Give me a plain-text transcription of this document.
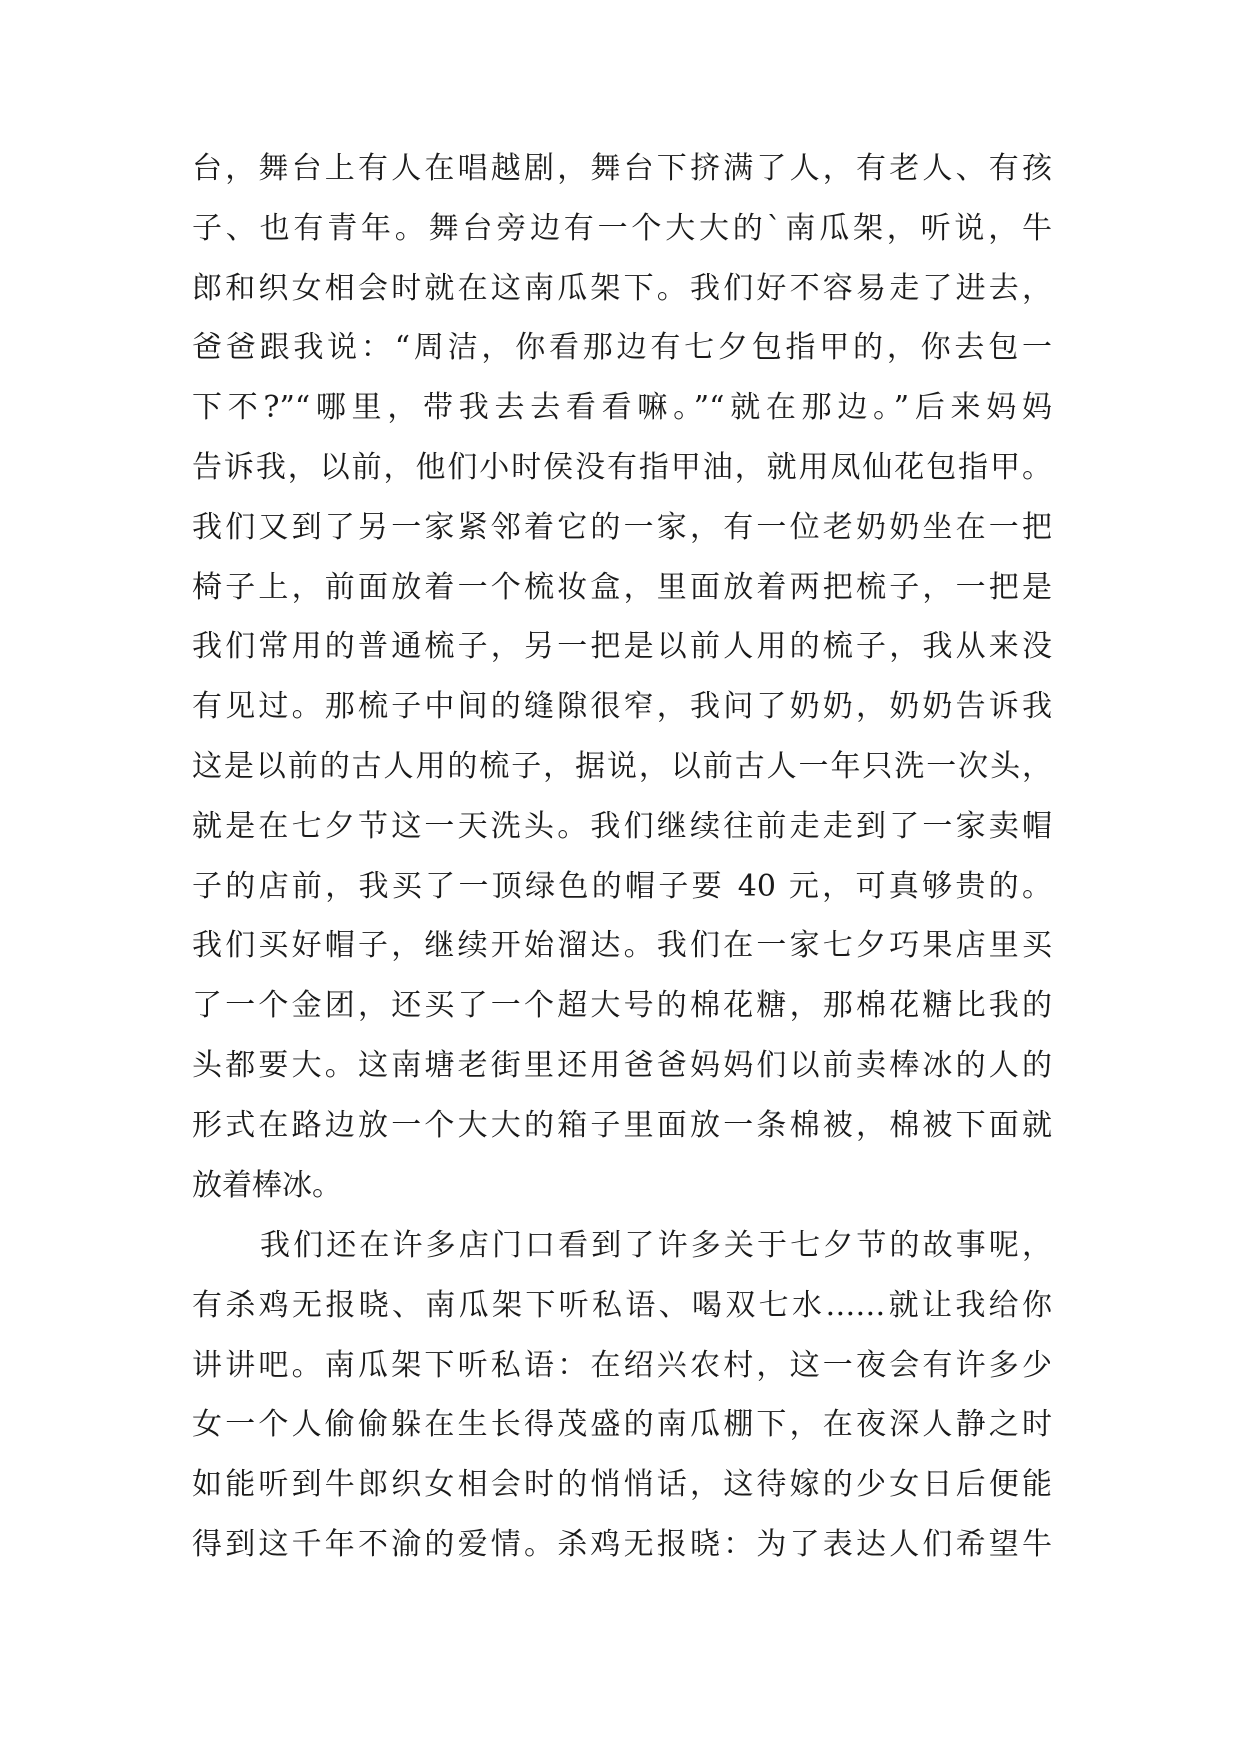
台，舞台上有人在唱越剧，舞台下挤满了人，有老人、有孩
子、也有青年。舞台旁边有一个大大的`南瓜架，听说，牛
郎和织女相会时就在这南瓜架下。我们好不容易走了进去，
爸爸跟我说：“周洁，你看那边有七夕包指甲的，你去包一
下不?”“哪里，带我去去看看嘛。”“就在那边。”后来妈妈
告诉我，以前，他们小时侯没有指甲油，就用凤仙花包指甲。
我们又到了另一家紧邻着它的一家，有一位老奶奶坐在一把
椅子上，前面放着一个梳妆盒，里面放着两把梳子，一把是
我们常用的普通梳子，另一把是以前人用的梳子，我从来没
有见过。那梳子中间的缝隙很窄，我问了奶奶，奶奶告诉我
这是以前的古人用的梳子，据说，以前古人一年只洗一次头，
就是在七夕节这一天洗头。我们继续往前走走到了一家卖帽
子的店前，我买了一顶绿色的帽子要 40 元，可真够贵的。
我们买好帽子，继续开始溜达。我们在一家七夕巧果店里买
了一个金团，还买了一个超大号的棉花糖，那棉花糖比我的
头都要大。这南塘老街里还用爸爸妈妈们以前卖棒冰的人的
形式在路边放一个大大的箱子里面放一条棉被，棉被下面就
放着棒冰。
我们还在许多店门口看到了许多关于七夕节的故事呢，
有杀鸡无报晓、南瓜架下听私语、喝双七水……就让我给你
讲讲吧。南瓜架下听私语：在绍兴农村，这一夜会有许多少
女一个人偷偷躲在生长得茂盛的南瓜棚下，在夜深人静之时
如能听到牛郎织女相会时的悄悄话，这待嫁的少女日后便能
得到这千年不渝的爱情。杀鸡无报晓：为了表达人们希望牛
